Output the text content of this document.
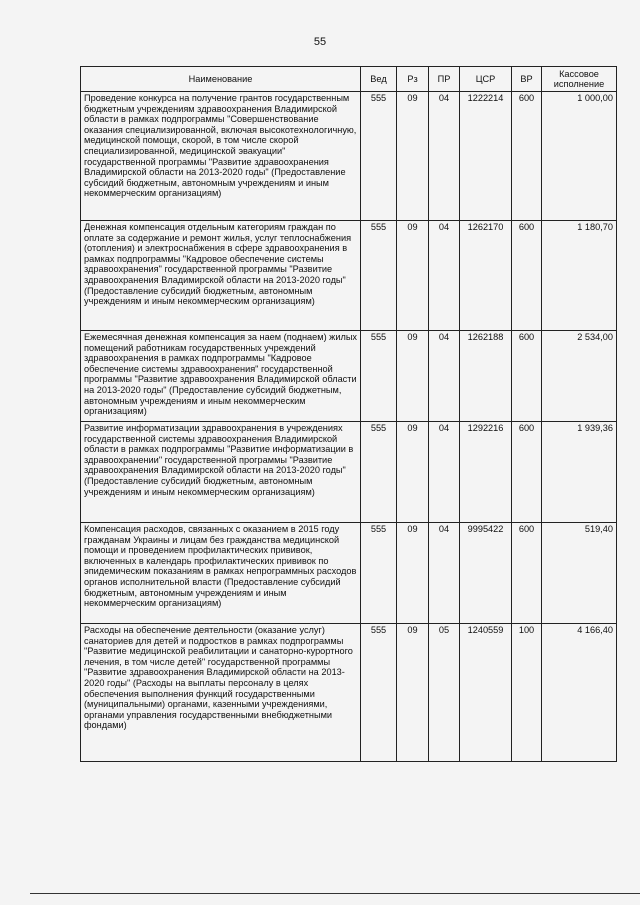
55
Наименование	Вед	Рз	ПР	ЦСР	ВР	Кассовое исполнение
Проведение конкурса на получение грантов государственным бюджетным учреждениям здравоохранения Владимирской области в рамках подпрограммы "Совершенствование оказания специализированной, включая высокотехнологичную, медицинской помощи, скорой, в том числе скорой специализированной, медицинской эвакуации" государственной программы "Развитие здравоохранения Владимирской области на 2013-2020 годы" (Предоставление субсидий бюджетным, автономным учреждениям и иным некоммерческим организациям)	555	09	04	1222214	600	1 000,00
Денежная компенсация отдельным категориям граждан по оплате за содержание и ремонт жилья, услуг теплоснабжения (отопления) и электроснабжения в сфере здравоохранения в рамках подпрограммы "Кадровое обеспечение системы здравоохранения" государственной программы "Развитие здравоохранения Владимирской области на 2013-2020 годы" (Предоставление субсидий бюджетным, автономным учреждениям и иным некоммерческим организациям)	555	09	04	1262170	600	1 180,70
Ежемесячная денежная компенсация за наем (поднаем) жилых помещений работникам государственных учреждений здравоохранения в рамках подпрограммы "Кадровое обеспечение системы здравоохранения" государственной программы "Развитие здравоохранения Владимирской области на 2013-2020 годы" (Предоставление субсидий бюджетным, автономным учреждениям и иным некоммерческим организациям)	555	09	04	1262188	600	2 534,00
Развитие информатизации здравоохранения в учреждениях государственной системы здравоохранения Владимирской области в рамках подпрограммы "Развитие информатизации в здравоохранении" государственной программы "Развитие здравоохранения Владимирской области на 2013-2020 годы" (Предоставление субсидий бюджетным, автономным учреждениям и иным некоммерческим организациям)	555	09	04	1292216	600	1 939,36
Компенсация расходов, связанных с оказанием в 2015 году гражданам Украины и лицам без гражданства медицинской помощи и проведением профилактических прививок, включенных в календарь профилактических прививок по эпидемическим показаниям в рамках непрограммных расходов органов исполнительной власти (Предоставление субсидий бюджетным, автономным учреждениям и иным некоммерческим организациям)	555	09	04	9995422	600	519,40
Расходы на обеспечение деятельности (оказание услуг) санаториев для детей и подростков в рамках подпрограммы "Развитие медицинской реабилитации и санаторно-курортного лечения, в том числе детей" государственной программы "Развитие здравоохранения Владимирской области на 2013-2020 годы" (Расходы на выплаты персоналу в целях обеспечения выполнения функций государственными (муниципальными) органами, казенными учреждениями, органами управления государственными внебюджетными фондами)	555	09	05	1240559	100	4 166,40
